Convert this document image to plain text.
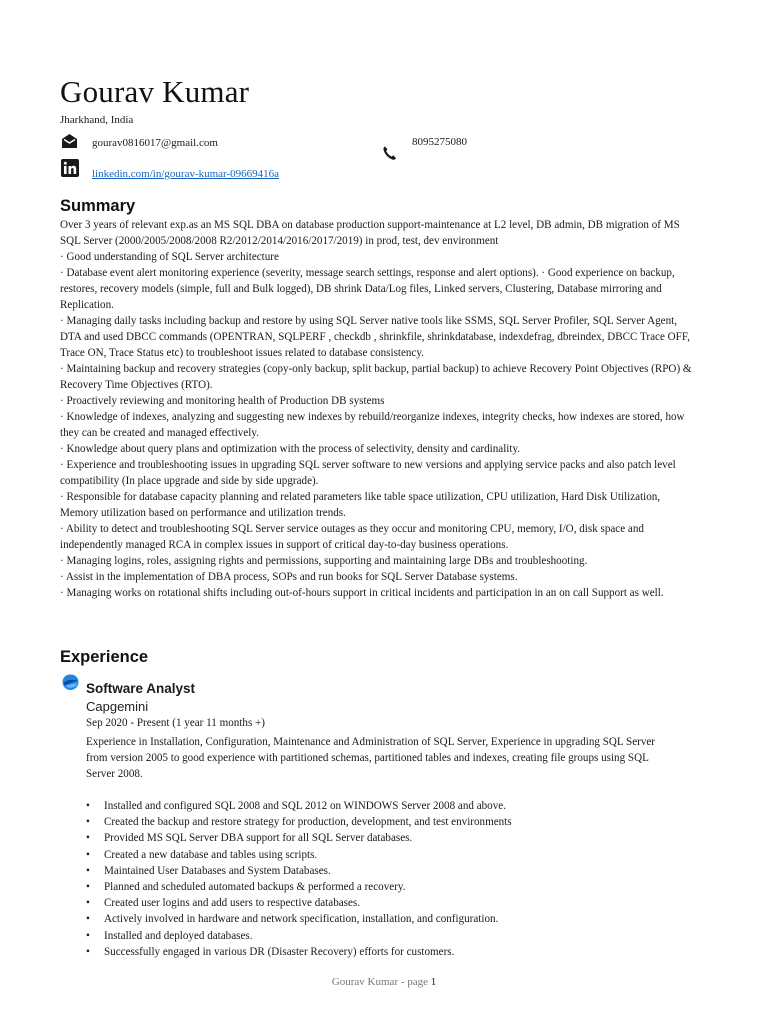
Gourav Kumar
Jharkhand, India
gourav0816017@gmail.com	8095275080
linkedin.com/in/gourav-kumar-09669416a
Summary

Over 3 years of relevant exp.as an MS SQL DBA on database production support-maintenance at L2 level, DB admin, DB migration of MS SQL Server (2000/2005/2008/2008 R2/2012/2014/2016/2017/2019) in prod, test, dev environment

· Good understanding of SQL Server architecture

· Database event alert monitoring experience (severity, message search settings, response and alert options). · Good experience on backup, restores, recovery models (simple, full and Bulk logged), DB shrink Data/Log files, Linked servers, Clustering, Database mirroring and Replication.

· Managing daily tasks including backup and restore by using SQL Server native tools like SSMS, SQL Server Profiler, SQL Server Agent, DTA and used DBCC commands (OPENTRAN, SQLPERF , checkdb , shrinkfile, shrinkdatabase, indexdefrag, dbreindex, DBCC Trace OFF, Trace ON, Trace Status etc) to troubleshoot issues related to database consistency.

· Maintaining backup and recovery strategies (copy-only backup, split backup, partial backup) to achieve Recovery Point Objectives (RPO) & Recovery Time Objectives (RTO).

· Proactively reviewing and monitoring health of Production DB systems

· Knowledge of indexes, analyzing and suggesting new indexes by rebuild/reorganize indexes, integrity checks, how indexes are stored, how they can be created and managed effectively.

· Knowledge about query plans and optimization with the process of selectivity, density and cardinality.

· Experience and troubleshooting issues in upgrading SQL server software to new versions and applying service packs and also patch level compatibility (In place upgrade and side by side upgrade).

· Responsible for database capacity planning and related parameters like table space utilization, CPU utilization, Hard Disk Utilization, Memory utilization based on performance and utilization trends.

· Ability to detect and troubleshooting SQL Server service outages as they occur and monitoring CPU, memory, I/O, disk space and independently managed RCA in complex issues in support of critical day-to-day business operations.

· Managing logins, roles, assigning rights and permissions, supporting and maintaining large DBs and troubleshooting.

· Assist in the implementation of DBA process, SOPs and run books for SQL Server Database systems.

· Managing works on rotational shifts including out-of-hours support in critical incidents and participation in an on call Support as well.

Experience
Software Analyst
Capgemini
Sep 2020 - Present (1 year 11 months +)
Experience in Installation, Configuration, Maintenance and Administration of SQL Server, Experience in upgrading SQL Server from version 2005 to good experience with partitioned schemas, partitioned tables and indexes, creating file groups using SQL Server 2008.
• Installed and configured SQL 2008 and SQL 2012 on WINDOWS Server 2008 and above.
• Created the backup and restore strategy for production, development, and test environments
• Provided MS SQL Server DBA support for all SQL Server databases.
• Created a new database and tables using scripts.
• Maintained User Databases and System Databases.
• Planned and scheduled automated backups & performed a recovery.
• Created user logins and add users to respective databases.
• Actively involved in hardware and network specification, installation, and configuration.
• Installed and deployed databases.
• Successfully engaged in various DR (Disaster Recovery) efforts for customers.
Gourav Kumar - page 1
